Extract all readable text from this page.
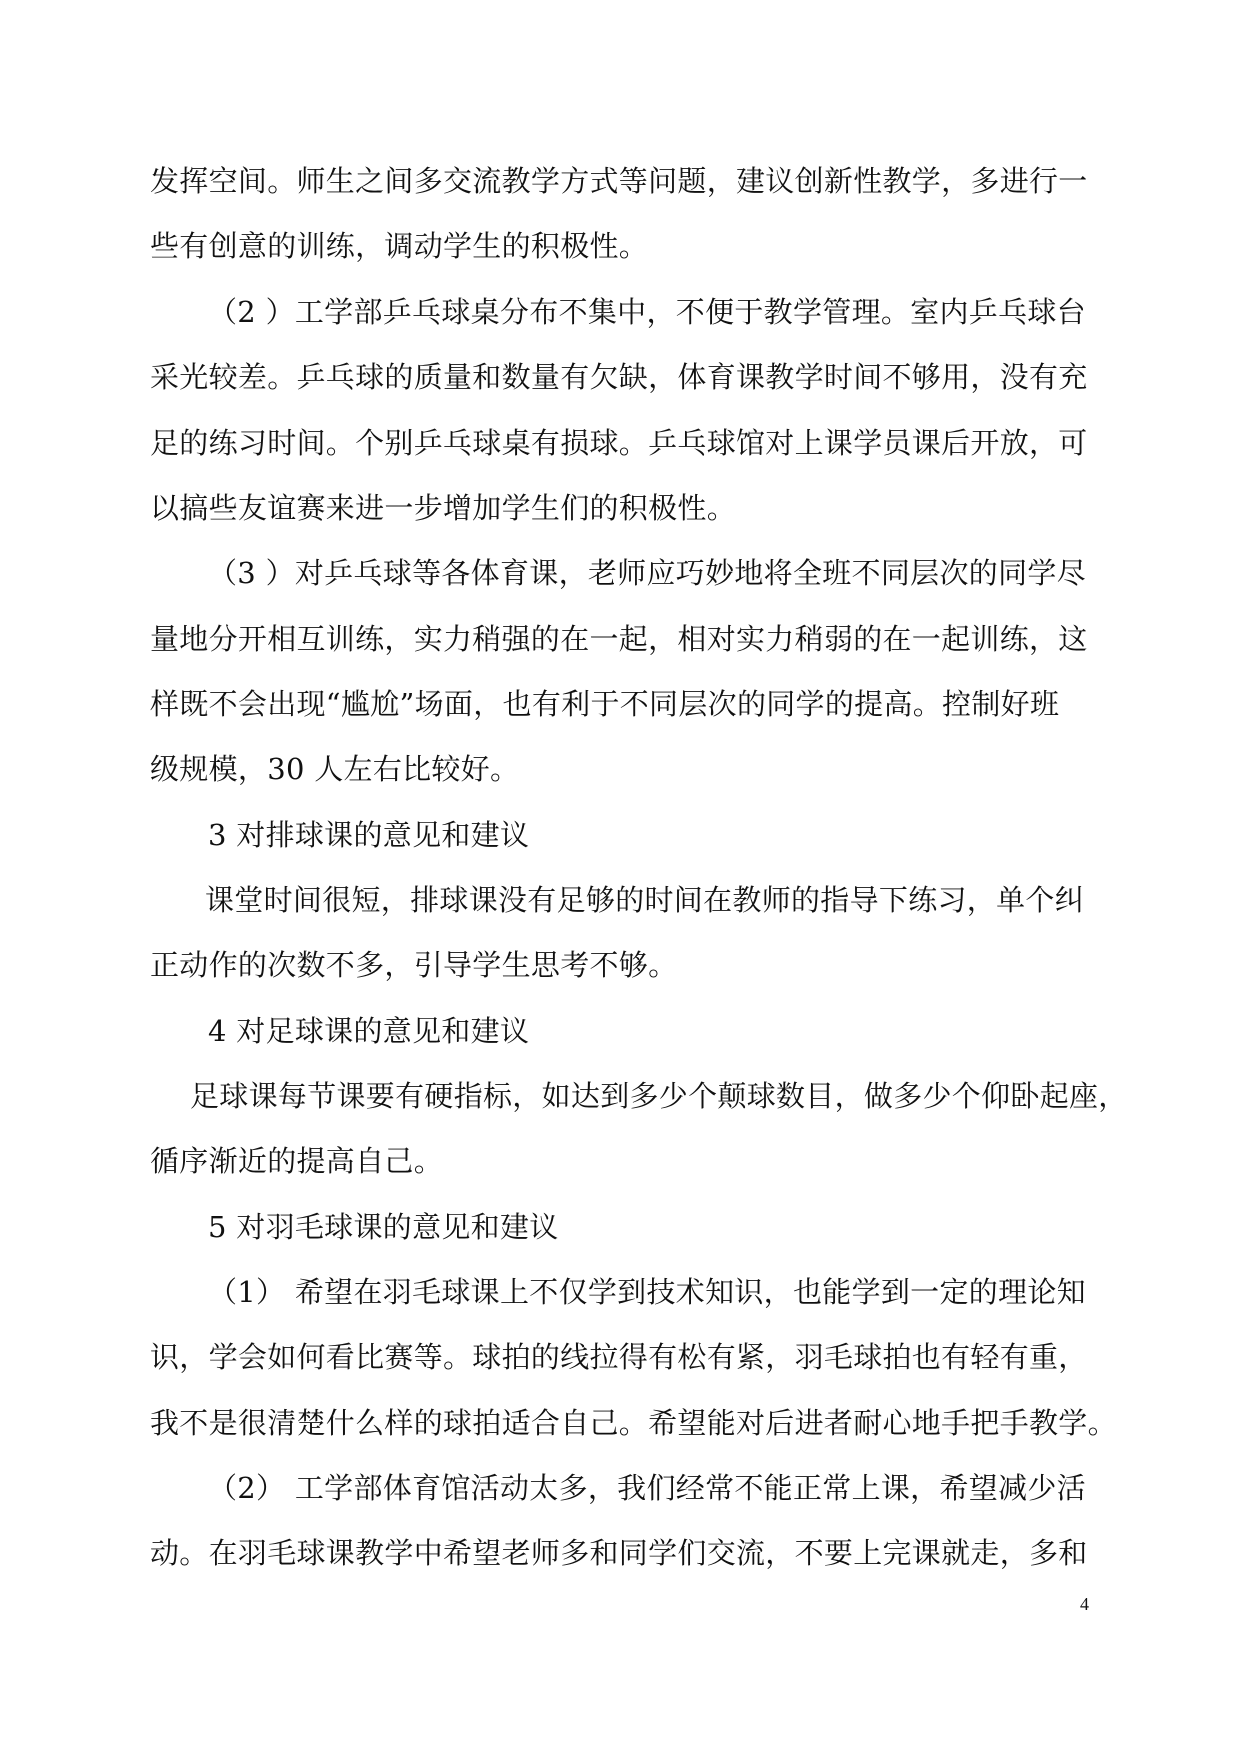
发挥空间。师生之间多交流教学方式等问题，建议创新性教学，多进行一
些有创意的训练，调动学生的积极性。
（2 ）工学部乒乓球桌分布不集中，不便于教学管理。室内乒乓球台
采光较差。乒乓球的质量和数量有欠缺，体育课教学时间不够用，没有充
足的练习时间。个别乒乓球桌有损球。乒乓球馆对上课学员课后开放，可
以搞些友谊赛来进一步增加学生们的积极性。
（3 ）对乒乓球等各体育课，老师应巧妙地将全班不同层次的同学尽
量地分开相互训练，实力稍强的在一起，相对实力稍弱的在一起训练，这
样既不会出现“尴尬”场面，也有利于不同层次的同学的提高。控制好班
级规模，30 人左右比较好。
3 对排球课的意见和建议
课堂时间很短，排球课没有足够的时间在教师的指导下练习，单个纠
正动作的次数不多，引导学生思考不够。
4 对足球课的意见和建议
足球课每节课要有硬指标，如达到多少个颠球数目，做多少个仰卧起座，
循序渐近的提高自己。
5 对羽毛球课的意见和建议
（1） 希望在羽毛球课上不仅学到技术知识，也能学到一定的理论知
识，学会如何看比赛等。球拍的线拉得有松有紧，羽毛球拍也有轻有重，
我不是很清楚什么样的球拍适合自己。希望能对后进者耐心地手把手教学。
（2） 工学部体育馆活动太多，我们经常不能正常上课，希望减少活
动。在羽毛球课教学中希望老师多和同学们交流，不要上完课就走，多和
4
